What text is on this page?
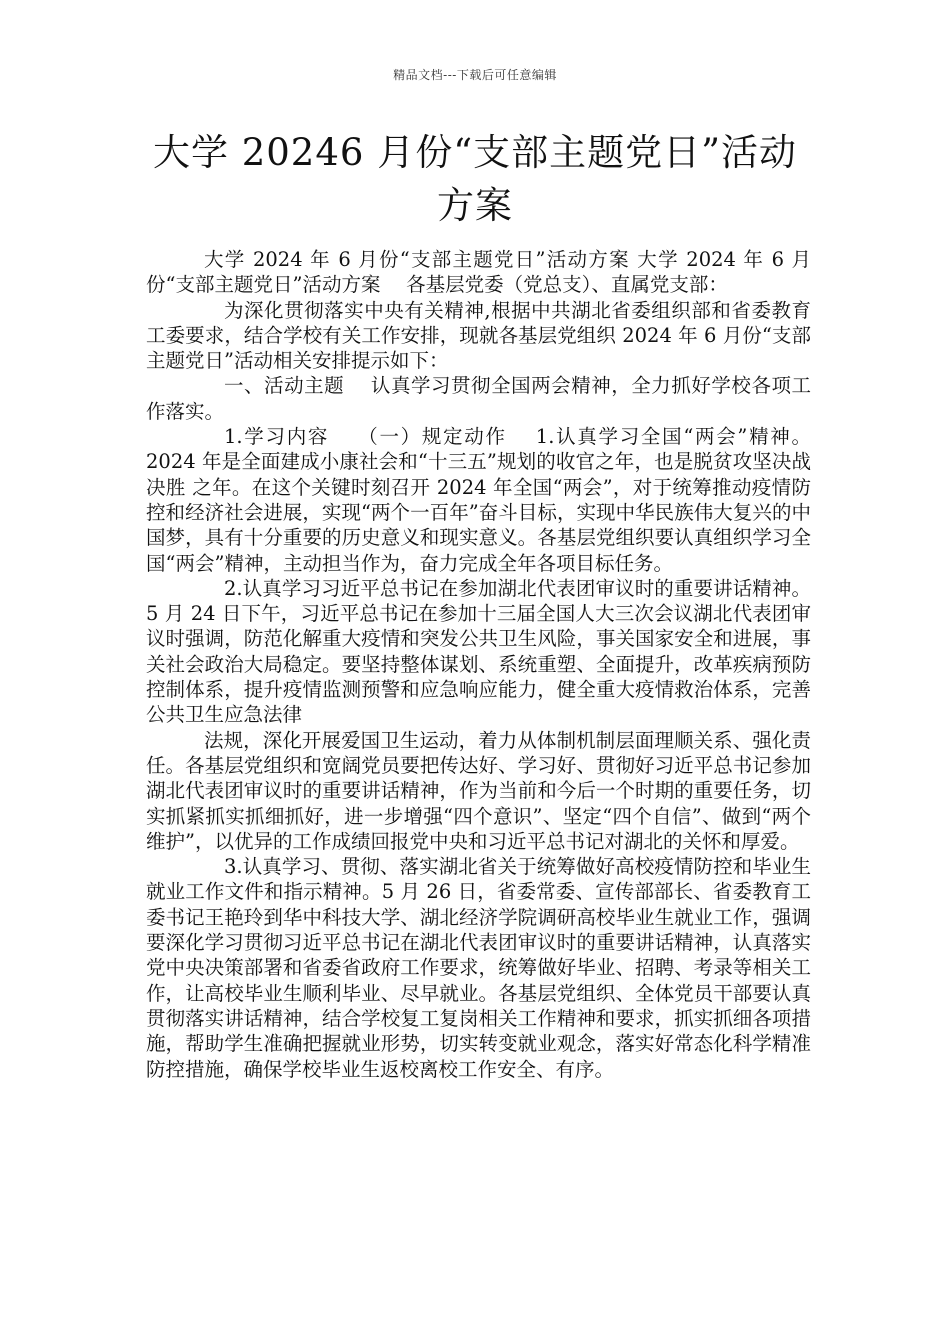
精品文档---下载后可任意编辑
大学 20246 月份“支部主题党日”活动方案

大学 2024 年 6 月份“支部主题党日”活动方案 大学 2024 年 6 月份“支部主题党日”活动方案　 各基层党委（党总支）、直属党支部：

为深化贯彻落实中央有关精神,根据中共湖北省委组织部和省委教育工委要求，结合学校有关工作安排，现就各基层党组织 2024 年 6 月份“支部主题党日”活动相关安排提示如下：

一、活动主题　 认真学习贯彻全国两会精神，全力抓好学校各项工作落实。

1.学习内容　 （一）规定动作　 1.认真学习全国“两会”精神。2024 年是全面建成小康社会和“十三五”规划的收官之年，也是脱贫攻坚决战决胜 之年。在这个关键时刻召开 2024 年全国“两会”，对于统筹推动疫情防控和经济社会进展，实现“两个一百年”奋斗目标，实现中华民族伟大复兴的中国梦，具有十分重要的历史意义和现实意义。各基层党组织要认真组织学习全国“两会”精神，主动担当作为，奋力完成全年各项目标任务。

2.认真学习习近平总书记在参加湖北代表团审议时的重要讲话精神。5 月 24 日下午，习近平总书记在参加十三届全国人大三次会议湖北代表团审议时强调，防范化解重大疫情和突发公共卫生风险，事关国家安全和进展，事关社会政治大局稳定。要坚持整体谋划、系统重塑、全面提升，改革疾病预防控制体系，提升疫情监测预警和应急响应能力，健全重大疫情救治体系，完善公共卫生应急法律

法规，深化开展爱国卫生运动，着力从体制机制层面理顺关系、强化责任。各基层党组织和宽阔党员要把传达好、学习好、贯彻好习近平总书记参加湖北代表团审议时的重要讲话精神，作为当前和今后一个时期的重要任务，切实抓紧抓实抓细抓好，进一步增强“四个意识”、坚定“四个自信”、做到“两个维护”，以优异的工作成绩回报党中央和习近平总书记对湖北的关怀和厚爱。

3.认真学习、贯彻、落实湖北省关于统筹做好高校疫情防控和毕业生就业工作文件和指示精神。5 月 26 日，省委常委、宣传部部长、省委教育工委书记王艳玲到华中科技大学、湖北经济学院调研高校毕业生就业工作，强调要深化学习贯彻习近平总书记在湖北代表团审议时的重要讲话精神，认真落实党中央决策部署和省委省政府工作要求，统筹做好毕业、招聘、考录等相关工作，让高校毕业生顺利毕业、尽早就业。各基层党组织、全体党员干部要认真贯彻落实讲话精神，结合学校复工复岗相关工作精神和要求，抓实抓细各项措施，帮助学生准确把握就业形势，切实转变就业观念，落实好常态化科学精准防控措施，确保学校毕业生返校离校工作安全、有序。
